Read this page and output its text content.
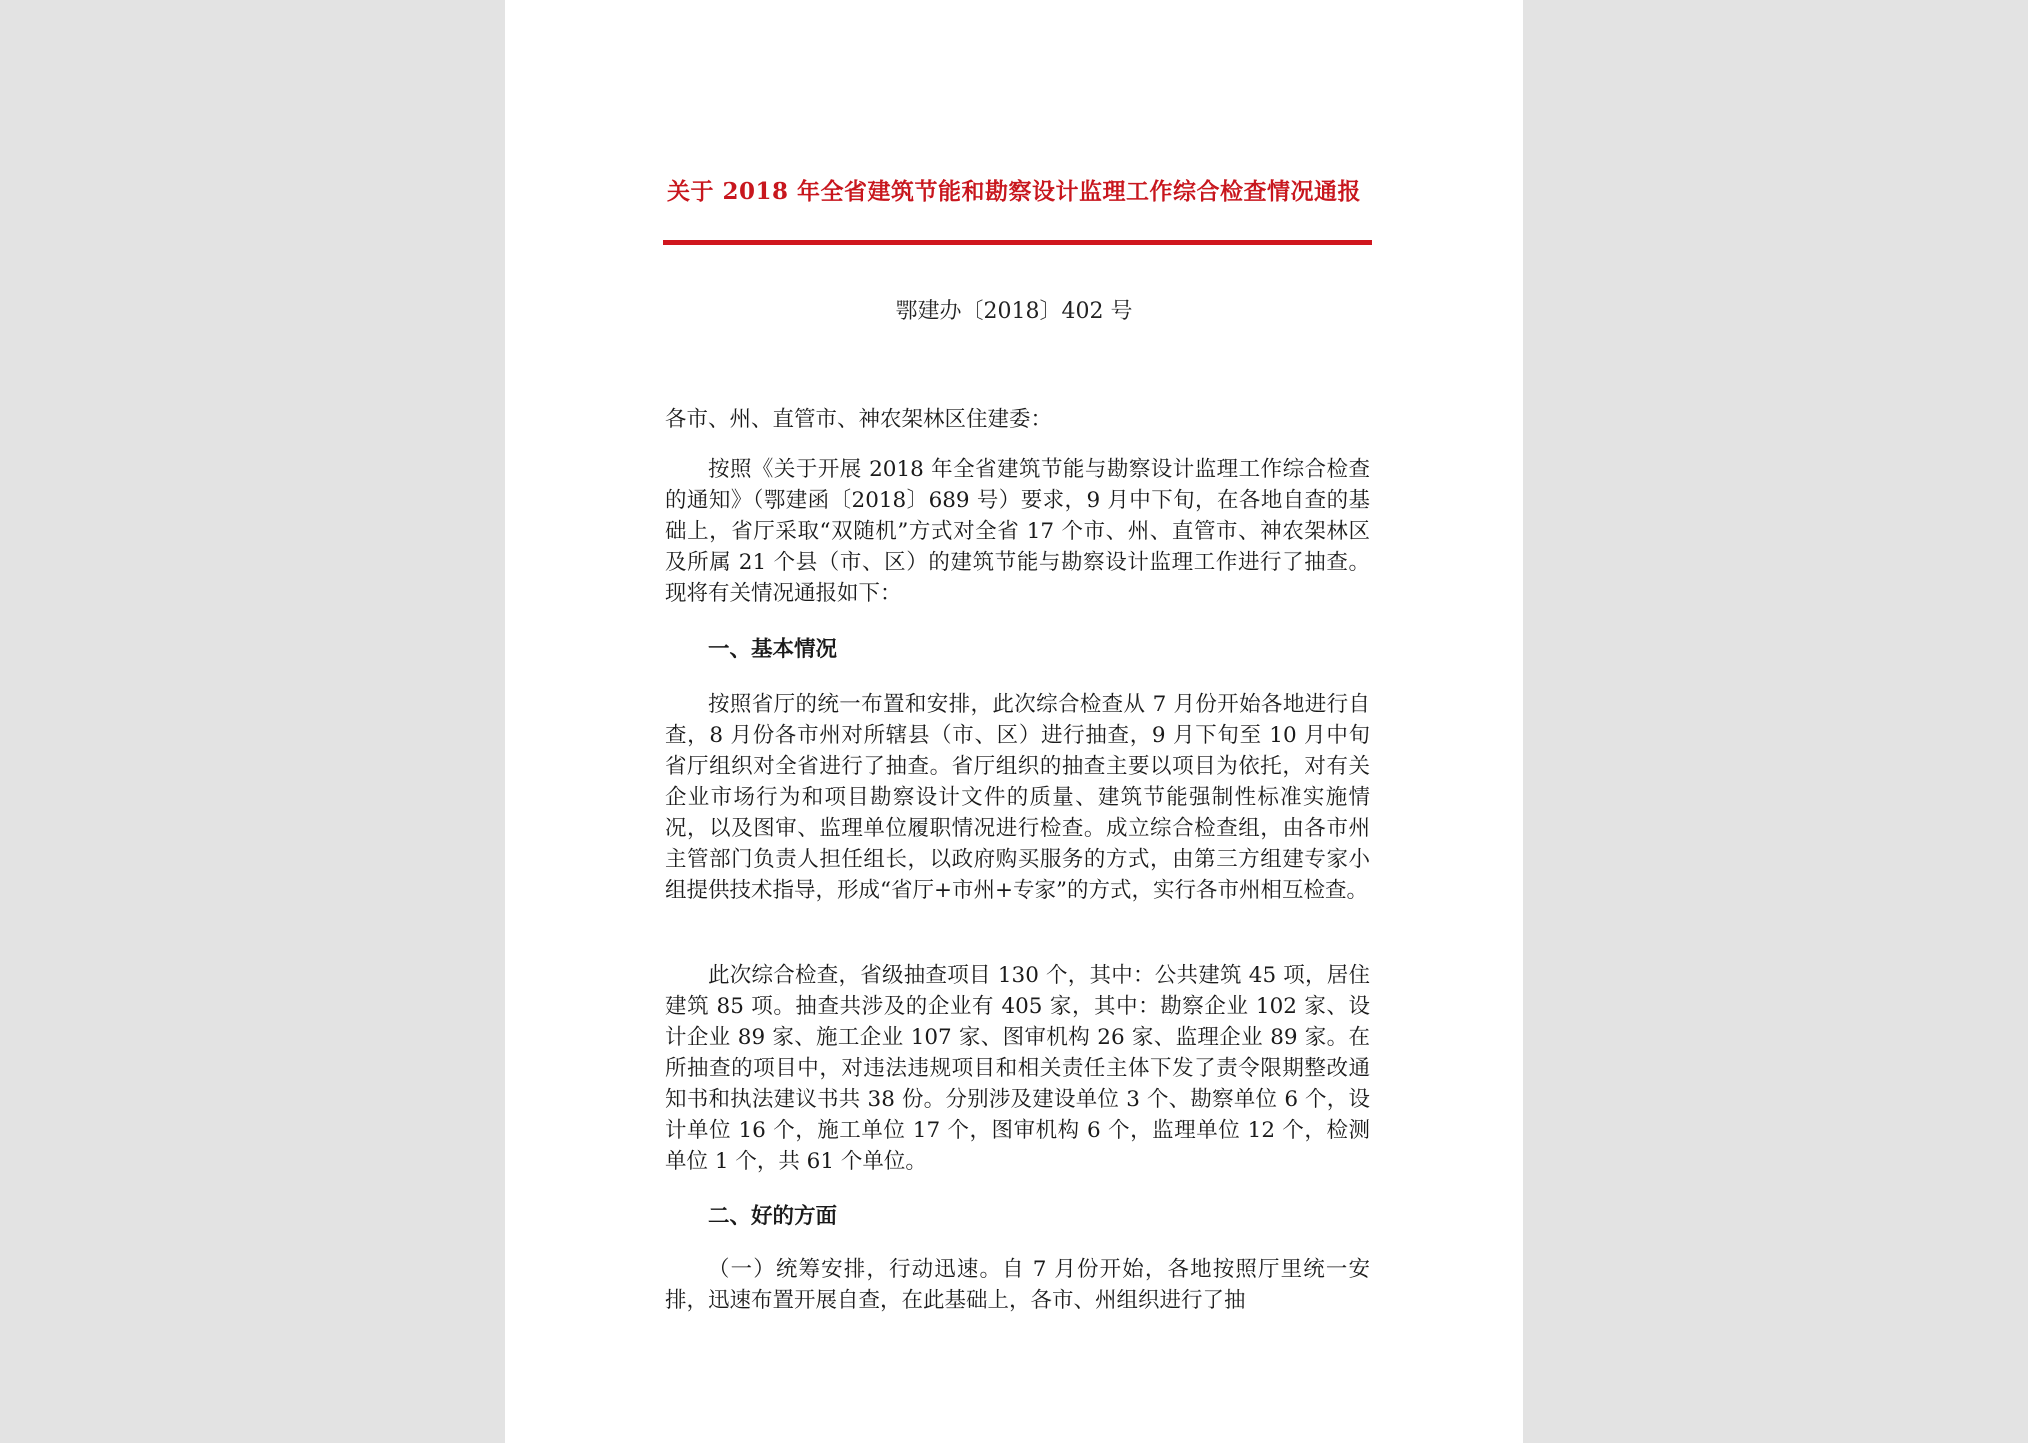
关于 2018 年全省建筑节能和勘察设计监理工作综合检查情况通报
鄂建办〔2018〕402 号

各市、州、直管市、神农架林区住建委：

按照《关于开展 2018 年全省建筑节能与勘察设计监理工作综合检查的通知》（鄂建函〔2018〕689 号）要求，9 月中下旬，在各地自查的基础上，省厅采取“双随机”方式对全省 17 个市、州、直管市、神农架林区及所属 21 个县（市、区）的建筑节能与勘察设计监理工作进行了抽查。现将有关情况通报如下：

一、基本情况

按照省厅的统一布置和安排，此次综合检查从 7 月份开始各地进行自查，8 月份各市州对所辖县（市、区）进行抽查，9 月下旬至 10 月中旬省厅组织对全省进行了抽查。省厅组织的抽查主要以项目为依托，对有关企业市场行为和项目勘察设计文件的质量、建筑节能强制性标准实施情况，以及图审、监理单位履职情况进行检查。成立综合检查组，由各市州主管部门负责人担任组长，以政府购买服务的方式，由第三方组建专家小组提供技术指导，形成“省厅+市州+专家”的方式，实行各市州相互检查。

此次综合检查，省级抽查项目 130 个，其中：公共建筑 45 项，居住建筑 85 项。抽查共涉及的企业有 405 家，其中：勘察企业 102 家、设计企业 89 家、施工企业 107 家、图审机构 26 家、监理企业 89 家。在所抽查的项目中，对违法违规项目和相关责任主体下发了责令限期整改通知书和执法建议书共 38 份。分别涉及建设单位 3 个、勘察单位 6 个，设计单位 16 个，施工单位 17 个，图审机构 6 个，监理单位 12 个，检测单位 1 个，共 61 个单位。

二、好的方面

（一）统筹安排，行动迅速。自 7 月份开始，各地按照厅里统一安排，迅速布置开展自查，在此基础上，各市、州组织进行了抽
